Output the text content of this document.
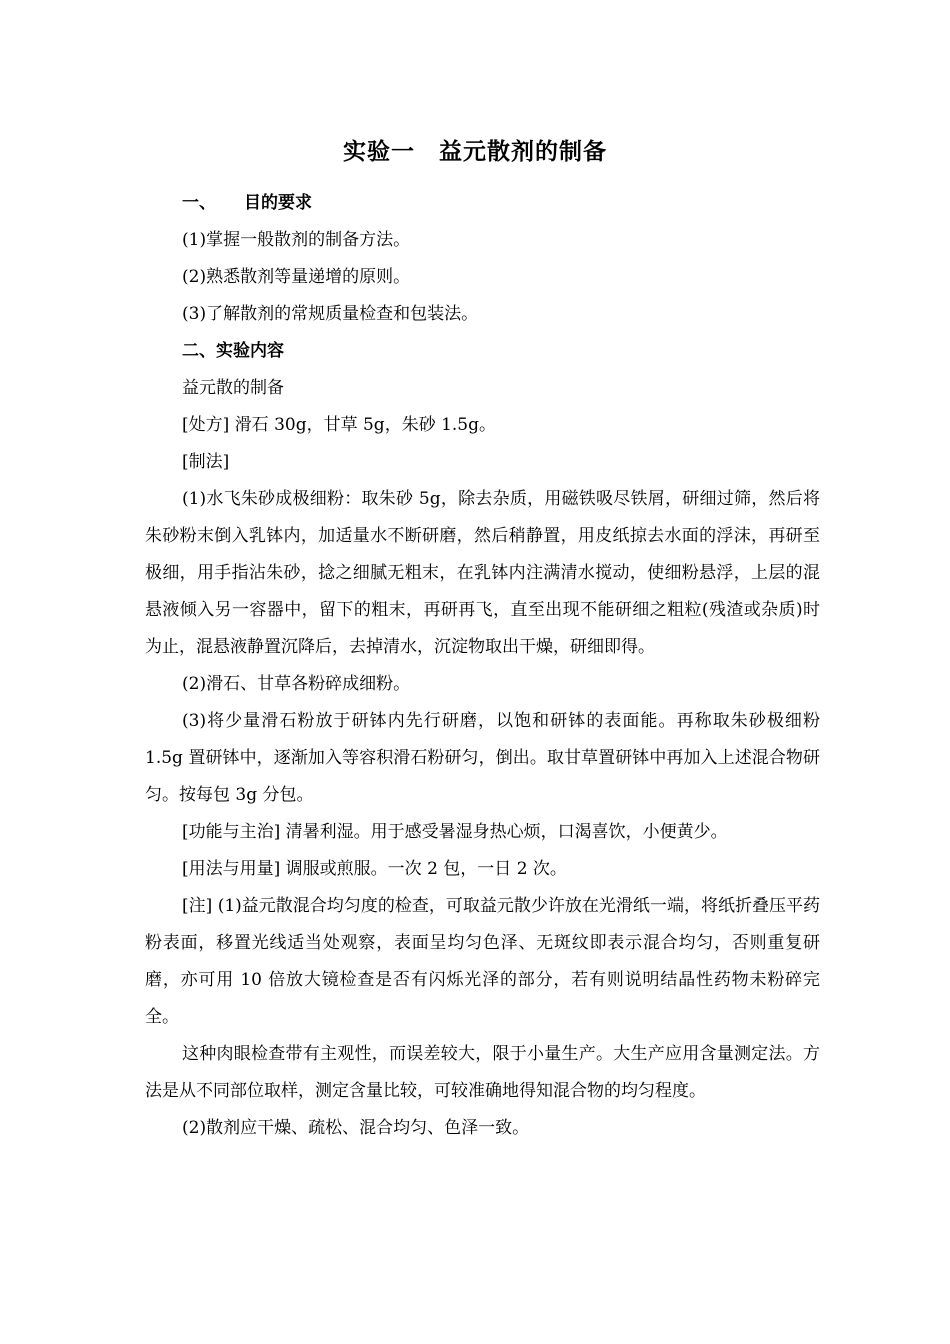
实验一　益元散剂的制备

一、 目的要求

(1)掌握一般散剂的制备方法。

(2)熟悉散剂等量递增的原则。

(3)了解散剂的常规质量检查和包装法。

二、实验内容

益元散的制备

[处方] 滑石 30g，甘草 5g，朱砂 1.5g。

[制法]

(1)水飞朱砂成极细粉：取朱砂 5g，除去杂质，用磁铁吸尽铁屑，研细过筛，然后将朱砂粉末倒入乳钵内，加适量水不断研磨，然后稍静置，用皮纸掠去水面的浮沫，再研至极细，用手指沾朱砂，捻之细腻无粗末，在乳钵内注满清水搅动，使细粉悬浮，上层的混悬液倾入另一容器中，留下的粗末，再研再飞，直至出现不能研细之粗粒(残渣或杂质)时为止，混悬液静置沉降后，去掉清水，沉淀物取出干燥，研细即得。

(2)滑石、甘草各粉碎成细粉。

(3)将少量滑石粉放于研钵内先行研磨，以饱和研钵的表面能。再称取朱砂极细粉 1.5g 置研钵中，逐渐加入等容积滑石粉研匀，倒出。取甘草置研钵中再加入上述混合物研匀。按每包 3g 分包。

[功能与主治] 清暑利湿。用于感受暑湿身热心烦，口渴喜饮，小便黄少。

[用法与用量] 调服或煎服。一次 2 包，一日 2 次。

[注] (1)益元散混合均匀度的检查，可取益元散少许放在光滑纸一端，将纸折叠压平药粉表面，移置光线适当处观察，表面呈均匀色泽、无斑纹即表示混合均匀，否则重复研磨，亦可用 10 倍放大镜检查是否有闪烁光泽的部分，若有则说明结晶性药物未粉碎完全。

这种肉眼检查带有主观性，而误差较大，限于小量生产。大生产应用含量测定法。方法是从不同部位取样，测定含量比较，可较准确地得知混合物的均匀程度。

(2)散剂应干燥、疏松、混合均匀、色泽一致。
